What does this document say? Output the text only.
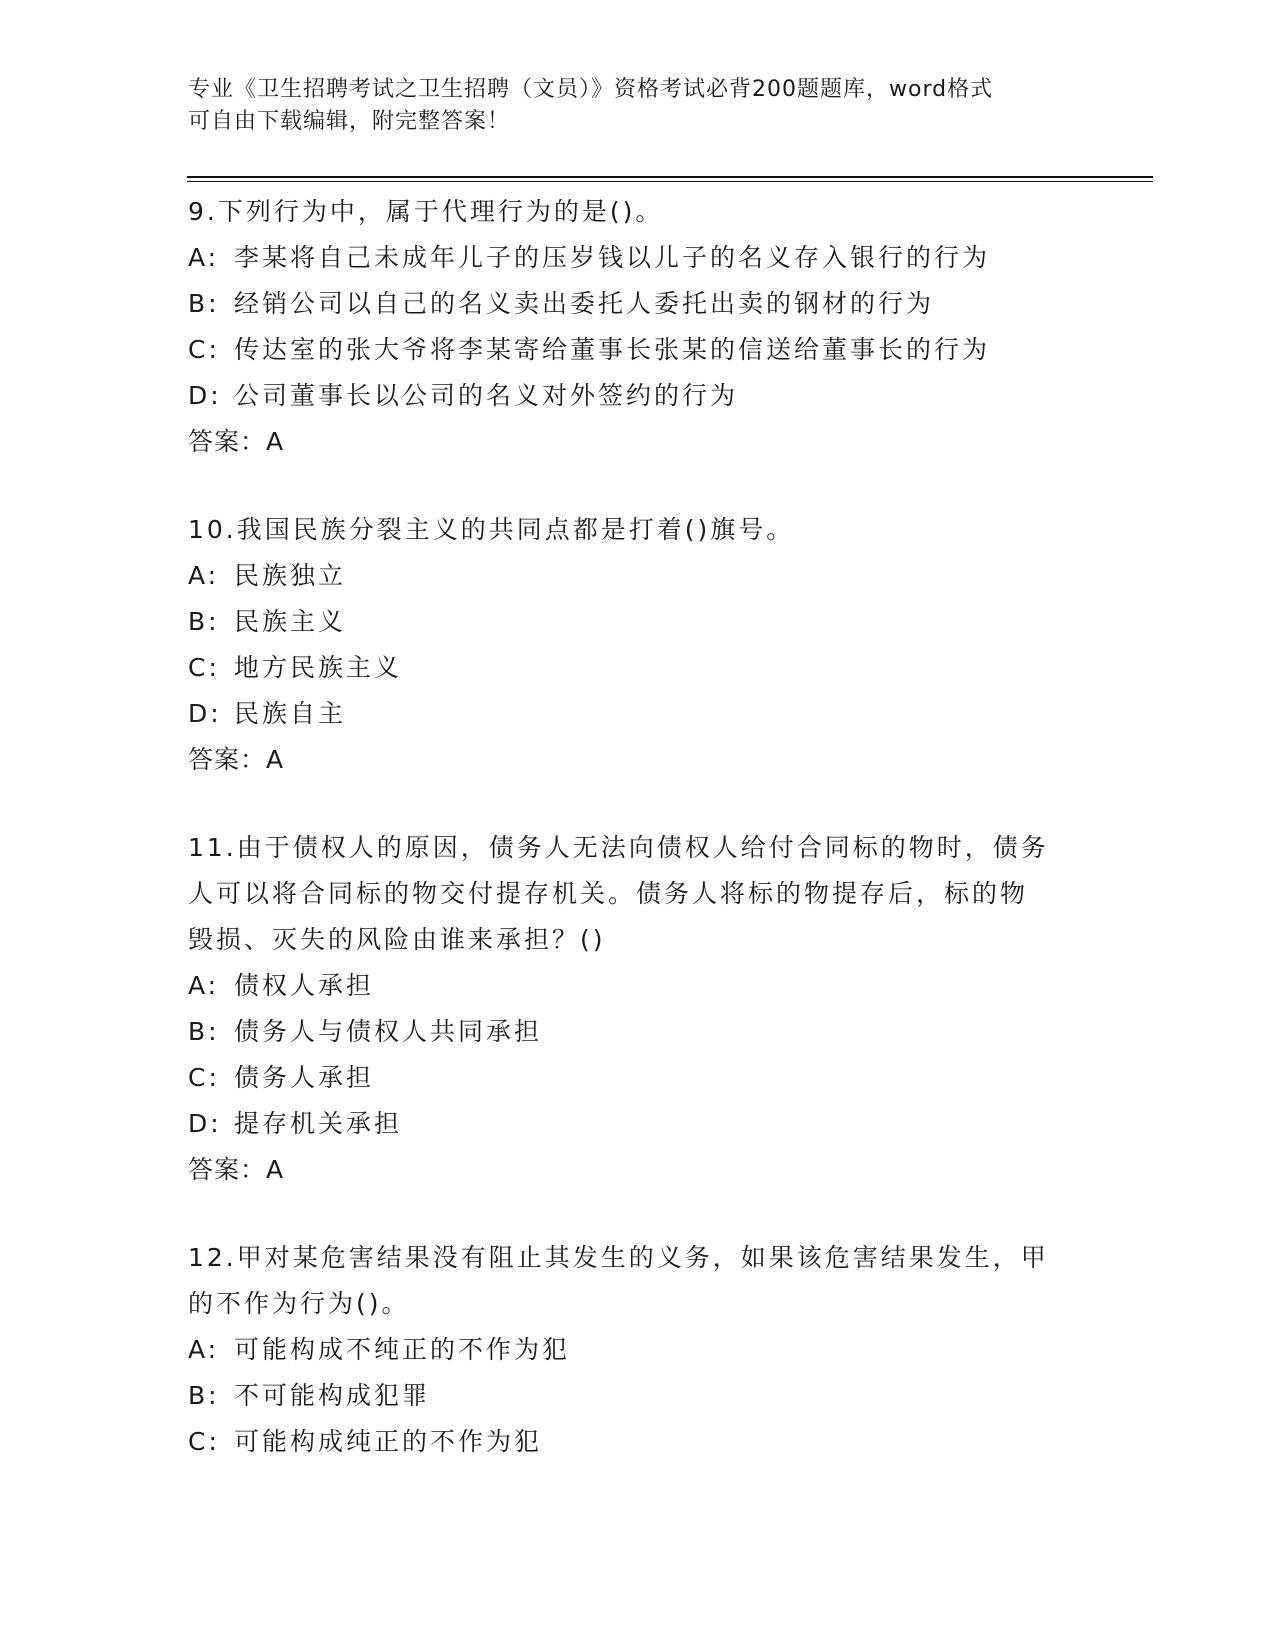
专业《卫生招聘考试之卫生招聘（文员）》资格考试必背200题题库，word格式
可自由下载编辑，附完整答案！
9.下列行为中，属于代理行为的是()。
A: 李某将自己未成年儿子的压岁钱以儿子的名义存入银行的行为
B: 经销公司以自己的名义卖出委托人委托出卖的钢材的行为
C: 传达室的张大爷将李某寄给董事长张某的信送给董事长的行为
D: 公司董事长以公司的名义对外签约的行为
答案：A
10.我国民族分裂主义的共同点都是打着()旗号。
A: 民族独立
B: 民族主义
C: 地方民族主义
D: 民族自主
答案：A
11.由于债权人的原因，债务人无法向债权人给付合同标的物时，债务
人可以将合同标的物交付提存机关。债务人将标的物提存后，标的物
毁损、灭失的风险由谁来承担？()
A: 债权人承担
B: 债务人与债权人共同承担
C: 债务人承担
D: 提存机关承担
答案：A
12.甲对某危害结果没有阻止其发生的义务，如果该危害结果发生，甲
的不作为行为()。
A: 可能构成不纯正的不作为犯
B: 不可能构成犯罪
C: 可能构成纯正的不作为犯
